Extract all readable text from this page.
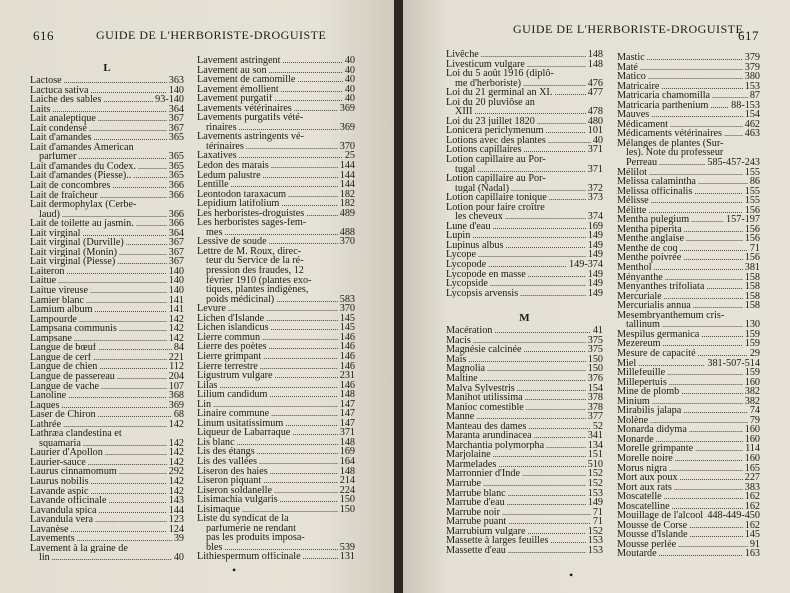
616	GUIDE DE L'HERBORISTE-DROGUISTE
L
Lactose . . .	363
Lactuca sativa . . .	140
Laiche des sables . . .	93-140
Laits . . .	364
Lait analeptique . . .	367
Lait condensé . . .	367
Lait d'amandes . . .	365
Lait d'amandes American
parfumer . . .	365
Lait d'amandes du Codex. . . .	365
Lait d'amandes (Piesse).. . . .	365
Lait de concombres . . .	366
Lait de fraîcheur . . .	366
Lait dermophylax (Cerbe-
laud) . . .	366
Lait de toilette au jasmin. . . .	366
Lait virginal . . .	364
Lait virginal (Durville) . . .	367
Lait virginal (Monin) . . .	367
Lait virginal (Piesse) . . .	367
Laiteron . . .	140
Laitue . . .	140
Laitue vireuse . . .	140
Lamier blanc . . .	141
Lamium album . . .	141
Lampourde . . .	142
Lampsana communis . . .	142
Lampsane . . .	142
Langue de bœuf . . .	84
Langue de cerf . . .	221
Langue de chien . . .	112
Langue de passereau . . .	204
Langue de vache . . .	107
Lanoline . . .	368
Laques . . .	369
Laser de Chiron . . .	68
Lathrée . . .	142
Lathræa clandestina et
squamaria . . .	142
Laurier d'Apollon . . .	142
Laurier-sauce . . .	142
Laurus cinnamomum . . .	292
Laurus nobilis . . .	142
Lavande aspic . . .	142
Lavande officinale . . .	143
Lavandula spica . . .	144
Lavandula vera . . .	123
Lavanèse . . .	124
Lavements . . .	39
Lavement à la graine de
lin . . .	40
Lavement astringent . . .	40
Lavement au son . . .	40
Lavement de camomille . . .	40
Lavement émollient . . .	40
Lavement purgatif . . .	40
Lavements vétérinaires . . .	369
Lavements purgatifs vété-
rinaires . . .	369
Lavements astringents vé-
térinaires . . .	370
Laxatives . . .	25
Ledon des marais . . .	144
Ledum palustre . . .	144
Lentille . . .	144
Leontodon taraxacum . . .	182
Lepidium latifolium . . .	182
Les herboristes-droguistes . . .	489
Les herboristes sages-fem-
mes . . .	488
Lessive de soude . . .	370
Lettre de M. Roux, direc-
teur du Service de la ré-
pression des fraudes, 12
février 1910 (plantes exo-
tiques, plantes indigènes,
poids médicinal) . . .	583
Levure . . .	370
Lichen d'Islande . . .	145
Lichen islandicus . . .	145
Lierre commun . . .	146
Lierre des poètes . . .	146
Lierre grimpant . . .	146
Lierre terrestre . . .	146
Ligustrum vulgare . . .	231
Lilas . . .	146
Lilium candidum . . .	148
Lin . . .	147
Linaire commune . . .	147
Linum usitatissimum . . .	147
Liqueur de Labarraque . . .	371
Lis blanc . . .	148
Lis des étangs . . .	169
Lis des vallées . . .	164
Liseron des haies . . .	148
Liseron piquant . . .	214
Liseron soldanelle . . .	224
Lisimachia vulgaris . . .	150
Lisimaque . . .	150
Liste du syndicat de la
parfumerie ne rendant
pas les produits imposa-
bles . . .	539
Lithiespermum officinale . . .	131
•
GUIDE DE L'HERBORISTE-DROGUISTE
617
Livêche . . .	148
Livesticum vulgare . . .	148
Loi du 5 août 1916 (diplô-
me d'herboriste) . . .	476
Loi du 21 germinal an XI. . . .	477
Loi du 20 pluviôse an
XIII . . .	478
Loi du 23 juillet 1820 . . .	480
Lonicera periclymenum . . .	101
Lotions avec des plantes . . .	40
Lotions capillaires . . .	371
Lotion capillaire au Por-
tugal . . .	371
Lotion capillaire au Por-
tugal (Nadal) . . .	372
Lotion capillaire tonique . . .	373
Lotion pour faire croître
les cheveux . . .	374
Lune d'eau . . .	169
Lupin . . .	149
Lupinus albus . . .	149
Lycope . . .	149
Lycopode . . .	149-374
Lycopode en masse . . .	149
Lycopside . . .	149
Lycopsis arvensis . . .	149
M
Macération . . .	41
Macis . . .	375
Magnésie calcinée . . .	375
Maïs . . .	150
Magnolia . . .	150
Maltine . . .	376
Malva Sylvestris . . .	154
Manihot utilissima . . .	378
Manioc comestible . . .	378
Manne . . .	377
Manteau des dames . . .	52
Maranta arundinacea . . .	341
Marchantia polymorpha . . .	134
Marjolaine . . .	151
Marmelades . . .	510
Marronnier d'Inde . . .	152
Marrube . . .	152
Marrube blanc . . .	153
Marrube d'eau . . .	149
Marrube noir . . .	71
Marrube puant . . .	71
Marrubium vulgare . . .	152
Massette à larges feuilles . . .	153
Massette d'eau . . .	153
Mastic . . .	379
Maté . . .	379
Matico . . .	380
Matricaire . . .	153
Matricaria chamomilla . . .	87
Matricaria parthenium . . . 88-153
Mauves . . .	154
Médicament . . .	462
Médicaments vétérinaires . . . 463
Mélanges de plantes (Sur-
les). Note du professeur
Perreau . . .	585-457-243
Mélilot . . .	155
Melissa calamintha . . .	86
Melissa officinalis . . .	155
Mélisse . . .	155
Mélitte . . .	156
Mentha pulegium . . .	157-197
Mentha piperita . . .	156
Menthe anglaise . . .	156
Menthe de coq . . .	71
Menthe poivrée . . .	156
Menthol . . .	381
Ményanthe . . .	158
Menyanthes trifoliata . . .	158
Mercuriale . . .	158
Mercurialis annua . . .	158
Mesembryanthemum cris-
tallinum . . .	130
Mespilus germanica . . .	159
Mezereum . . .	159
Mesure de capacité . . .	29
Miel . . .	381-507-514
Millefeuille . . .	159
Millepertuis . . .	160
Mine de plomb . . .	382
Minium . . .	382
Mirabilis jalapa . . .	74
Molène . . .	79
Monarda didyma . . .	160
Monarde . . .	160
Morelle grimpante . . .	114
Morelle noire . . .	160
Morus nigra . . .	165
Mort aux poux . . .	227
Mort aux rats . . .	383
Moscatelle . . .	162
Moscatelline . . .	162
Mouillage de l'alcool . . . 448-449-450
Mousse de Corse . . .	162
Mousse d'Islande . . .	145
Mousse perlée . . .	91
Moutarde . . .	163
•
